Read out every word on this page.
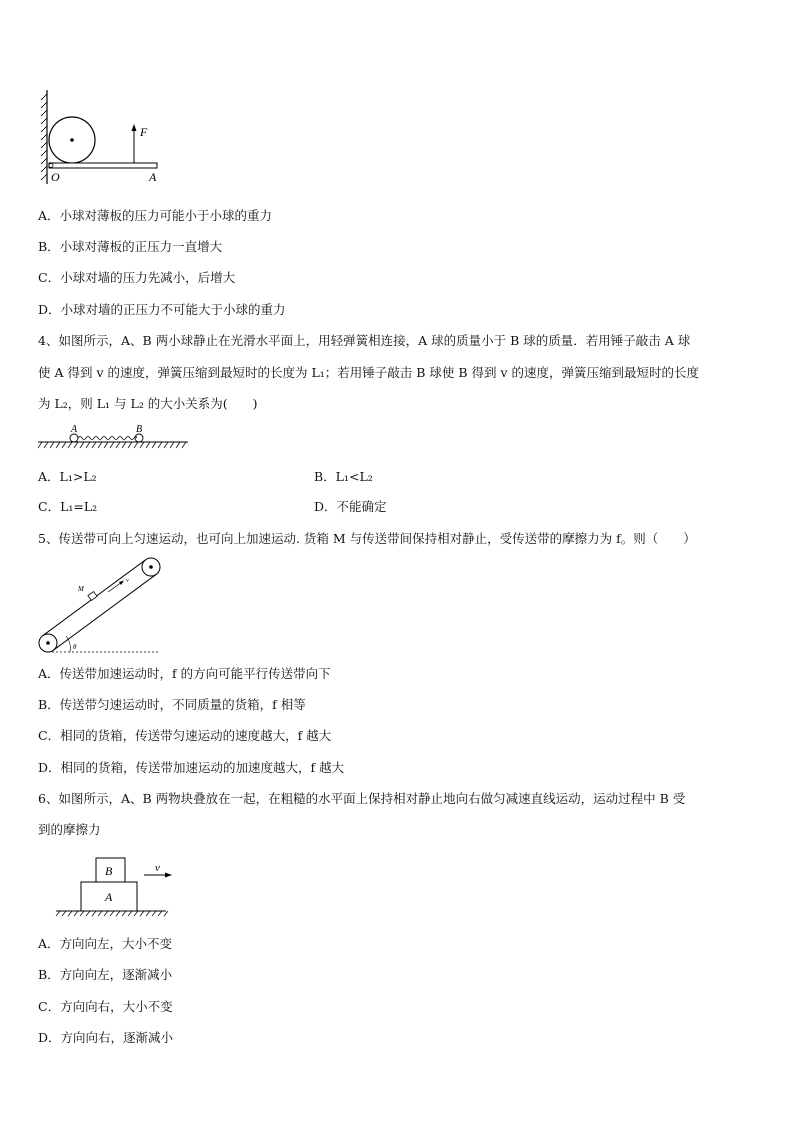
F
O	A
A．小球对薄板的压力可能小于小球的重力
B．小球对薄板的正压力一直增大
C．小球对墙的压力先减小，后增大
D．小球对墙的正压力不可能大于小球的重力
4、如图所示，A、B 两小球静止在光滑水平面上，用轻弹簧相连接，A 球的质量小于 B 球的质量．若用锤子敲击 A 球
使 A 得到 v 的速度，弹簧压缩到最短时的长度为 L₁；若用锤子敲击 B 球使 B 得到 v 的速度，弹簧压缩到最短时的长度
为 L₂，则 L₁ 与 L₂ 的大小关系为(　　)
A	B
A．L₁>L₂	B．L₁<L₂
C．L₁=L₂	D．不能确定
5、传送带可向上匀速运动，也可向上加速运动. 货箱 M 与传送带间保持相对静止，受传送带的摩擦力为 f。则（　　）
θ
M
v
A．传送带加速运动时，f 的方向可能平行传送带向下
B．传送带匀速运动时，不同质量的货箱，f 相等
C．相同的货箱，传送带匀速运动的速度越大，f 越大
D．相同的货箱，传送带加速运动的加速度越大，f 越大
6、如图所示，A、B 两物块叠放在一起，在粗糙的水平面上保持相对静止地向右做匀减速直线运动，运动过程中 B 受
到的摩擦力
B
A
v
A．方向向左，大小不变
B．方向向左，逐渐减小
C．方向向右，大小不变
D．方向向右，逐渐减小
